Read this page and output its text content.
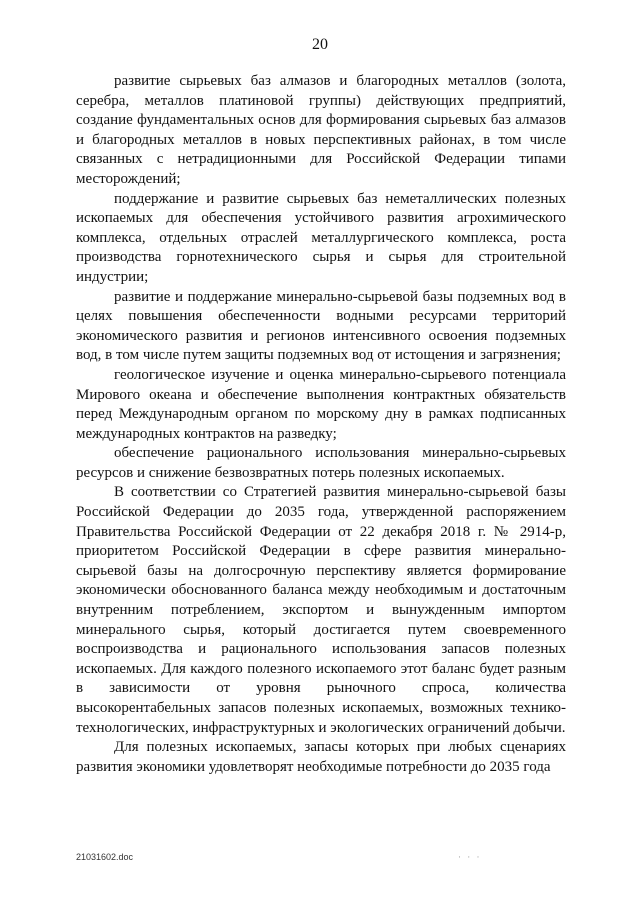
20

развитие сырьевых баз алмазов и благородных металлов (золота, серебра, металлов платиновой группы) действующих предприятий, создание фундаментальных основ для формирования сырьевых баз алмазов и благородных металлов в новых перспективных районах, в том числе связанных с нетрадиционными для Российской Федерации типами месторождений;

поддержание и развитие сырьевых баз неметаллических полезных ископаемых для обеспечения устойчивого развития агрохимического комплекса, отдельных отраслей металлургического комплекса, роста производства горнотехнического сырья и сырья для строительной индустрии;

развитие и поддержание минерально-сырьевой базы подземных вод в целях повышения обеспеченности водными ресурсами территорий экономического развития и регионов интенсивного освоения подземных вод, в том числе путем защиты подземных вод от истощения и загрязнения;

геологическое изучение и оценка минерально-сырьевого потенциала Мирового океана и обеспечение выполнения контрактных обязательств перед Международным органом по морскому дну в рамках подписанных международных контрактов на разведку;

обеспечение рационального использования минерально-сырьевых ресурсов и снижение безвозвратных потерь полезных ископаемых.

В соответствии со Стратегией развития минерально-сырьевой базы Российской Федерации до 2035 года, утвержденной распоряжением Правительства Российской Федерации от 22 декабря 2018 г. № 2914-р, приоритетом Российской Федерации в сфере развития минерально-сырьевой базы на долгосрочную перспективу является формирование экономически обоснованного баланса между необходимым и достаточным внутренним потреблением, экспортом и вынужденным импортом минерального сырья, который достигается путем своевременного воспроизводства и рационального использования запасов полезных ископаемых. Для каждого полезного ископаемого этот баланс будет разным в зависимости от уровня рыночного спроса, количества высокорентабельных запасов полезных ископаемых, возможных технико-технологических, инфраструктурных и экологических ограничений добычи.

Для полезных ископаемых, запасы которых при любых сценариях развития экономики удовлетворят необходимые потребности до 2035 года

21031602.doc	· · ·
